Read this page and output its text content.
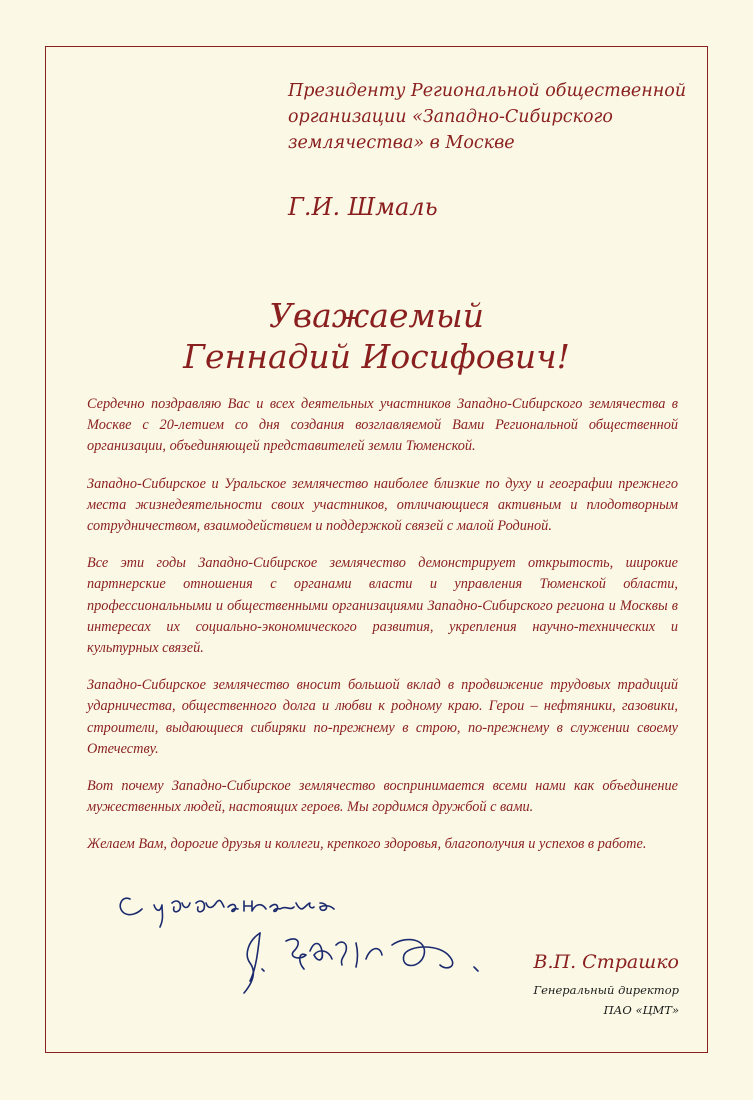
Президенту Региональной общественной
организации «Западно-Сибирского
землячества» в Москве
Г.И. Шмаль
Уважаемый
Геннадий Иосифович!

Сердечно поздравляю Вас и всех деятельных участников Западно-Сибирского землячества в Москве с 20-летием со дня создания возглавляемой Вами Региональной общественной организации, объединяющей представителей земли Тюменской.

Западно-Сибирское и Уральское землячество наиболее близкие по духу и географии прежнего места жизнедеятельности своих участников, отличающиеся активным и плодотворным сотрудничеством, взаимодействием и поддержкой связей с малой Родиной.

Все эти годы Западно-Сибирское землячество демонстрирует открытость, широкие партнерские отношения с органами власти и управления Тюменской области, профессиональными и общественными организациями Западно-Сибирского региона и Москвы в интересах их социально-экономического развития, укрепления научно-технических и культурных связей.

Западно-Сибирское землячество вносит большой вклад в продвижение трудовых традиций ударничества, общественного долга и любви к родному краю. Герои – нефтяники, газовики, строители, выдающиеся сибиряки по-прежнему в строю, по-прежнему в служении своему Отечеству.

Вот почему Западно-Сибирское землячество воспринимается всеми нами как объединение мужественных людей, настоящих героев. Мы гордимся дружбой с вами.

Желаем Вам, дорогие друзья и коллеги, крепкого здоровья, благополучия и успехов в работе.

В.П. Страшко
Генеральный директор
ПАО «ЦМТ»
